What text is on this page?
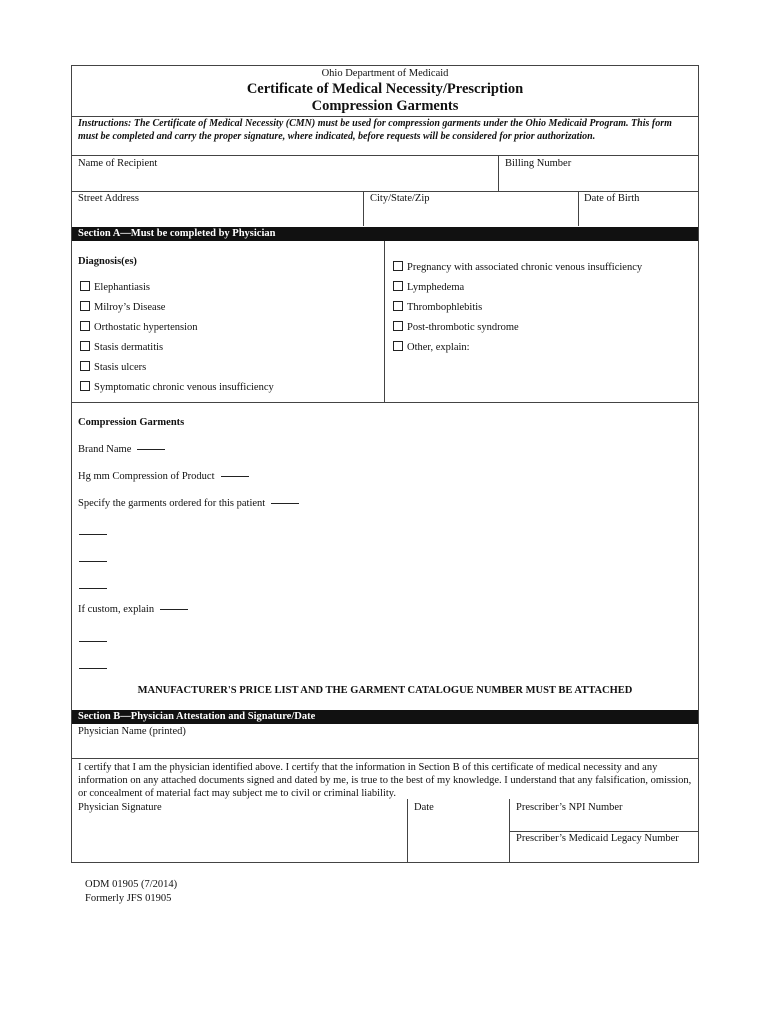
Ohio Department of Medicaid
Certificate of Medical Necessity/Prescription
Compression Garments
Instructions: The Certificate of Medical Necessity (CMN) must be used for compression garments under the Ohio Medicaid Program. This form must be completed and carry the proper signature, where indicated, before requests will be considered for prior authorization.
Name of Recipient	Billing Number
Street Address	City/State/Zip	Date of Birth
Section A—Must be completed by Physician
Diagnosis(es)
Elephantiasis
Milroy’s Disease
Orthostatic hypertension
Stasis dermatitis
Stasis ulcers
Symptomatic chronic venous insufficiency
Pregnancy with associated chronic venous insufficiency
Lymphedema
Thrombophlebitis
Post-thrombotic syndrome
Other, explain:
Compression Garments
Brand Name
Hg mm Compression of Product
Specify the garments ordered for this patient
If custom, explain
MANUFACTURER'S PRICE LIST AND THE GARMENT CATALOGUE NUMBER MUST BE ATTACHED
Section B—Physician Attestation and Signature/Date
Physician Name (printed)
I certify that I am the physician identified above. I certify that the information in Section B of this certificate of medical necessity and any information on any attached documents signed and dated by me, is true to the best of my knowledge. I understand that any falsification, omission, or concealment of material fact may subject me to civil or criminal liability.
Physician Signature	Date	Prescriber’s NPI Number
Prescriber’s Medicaid Legacy Number
ODM 01905 (7/2014)
Formerly JFS 01905
